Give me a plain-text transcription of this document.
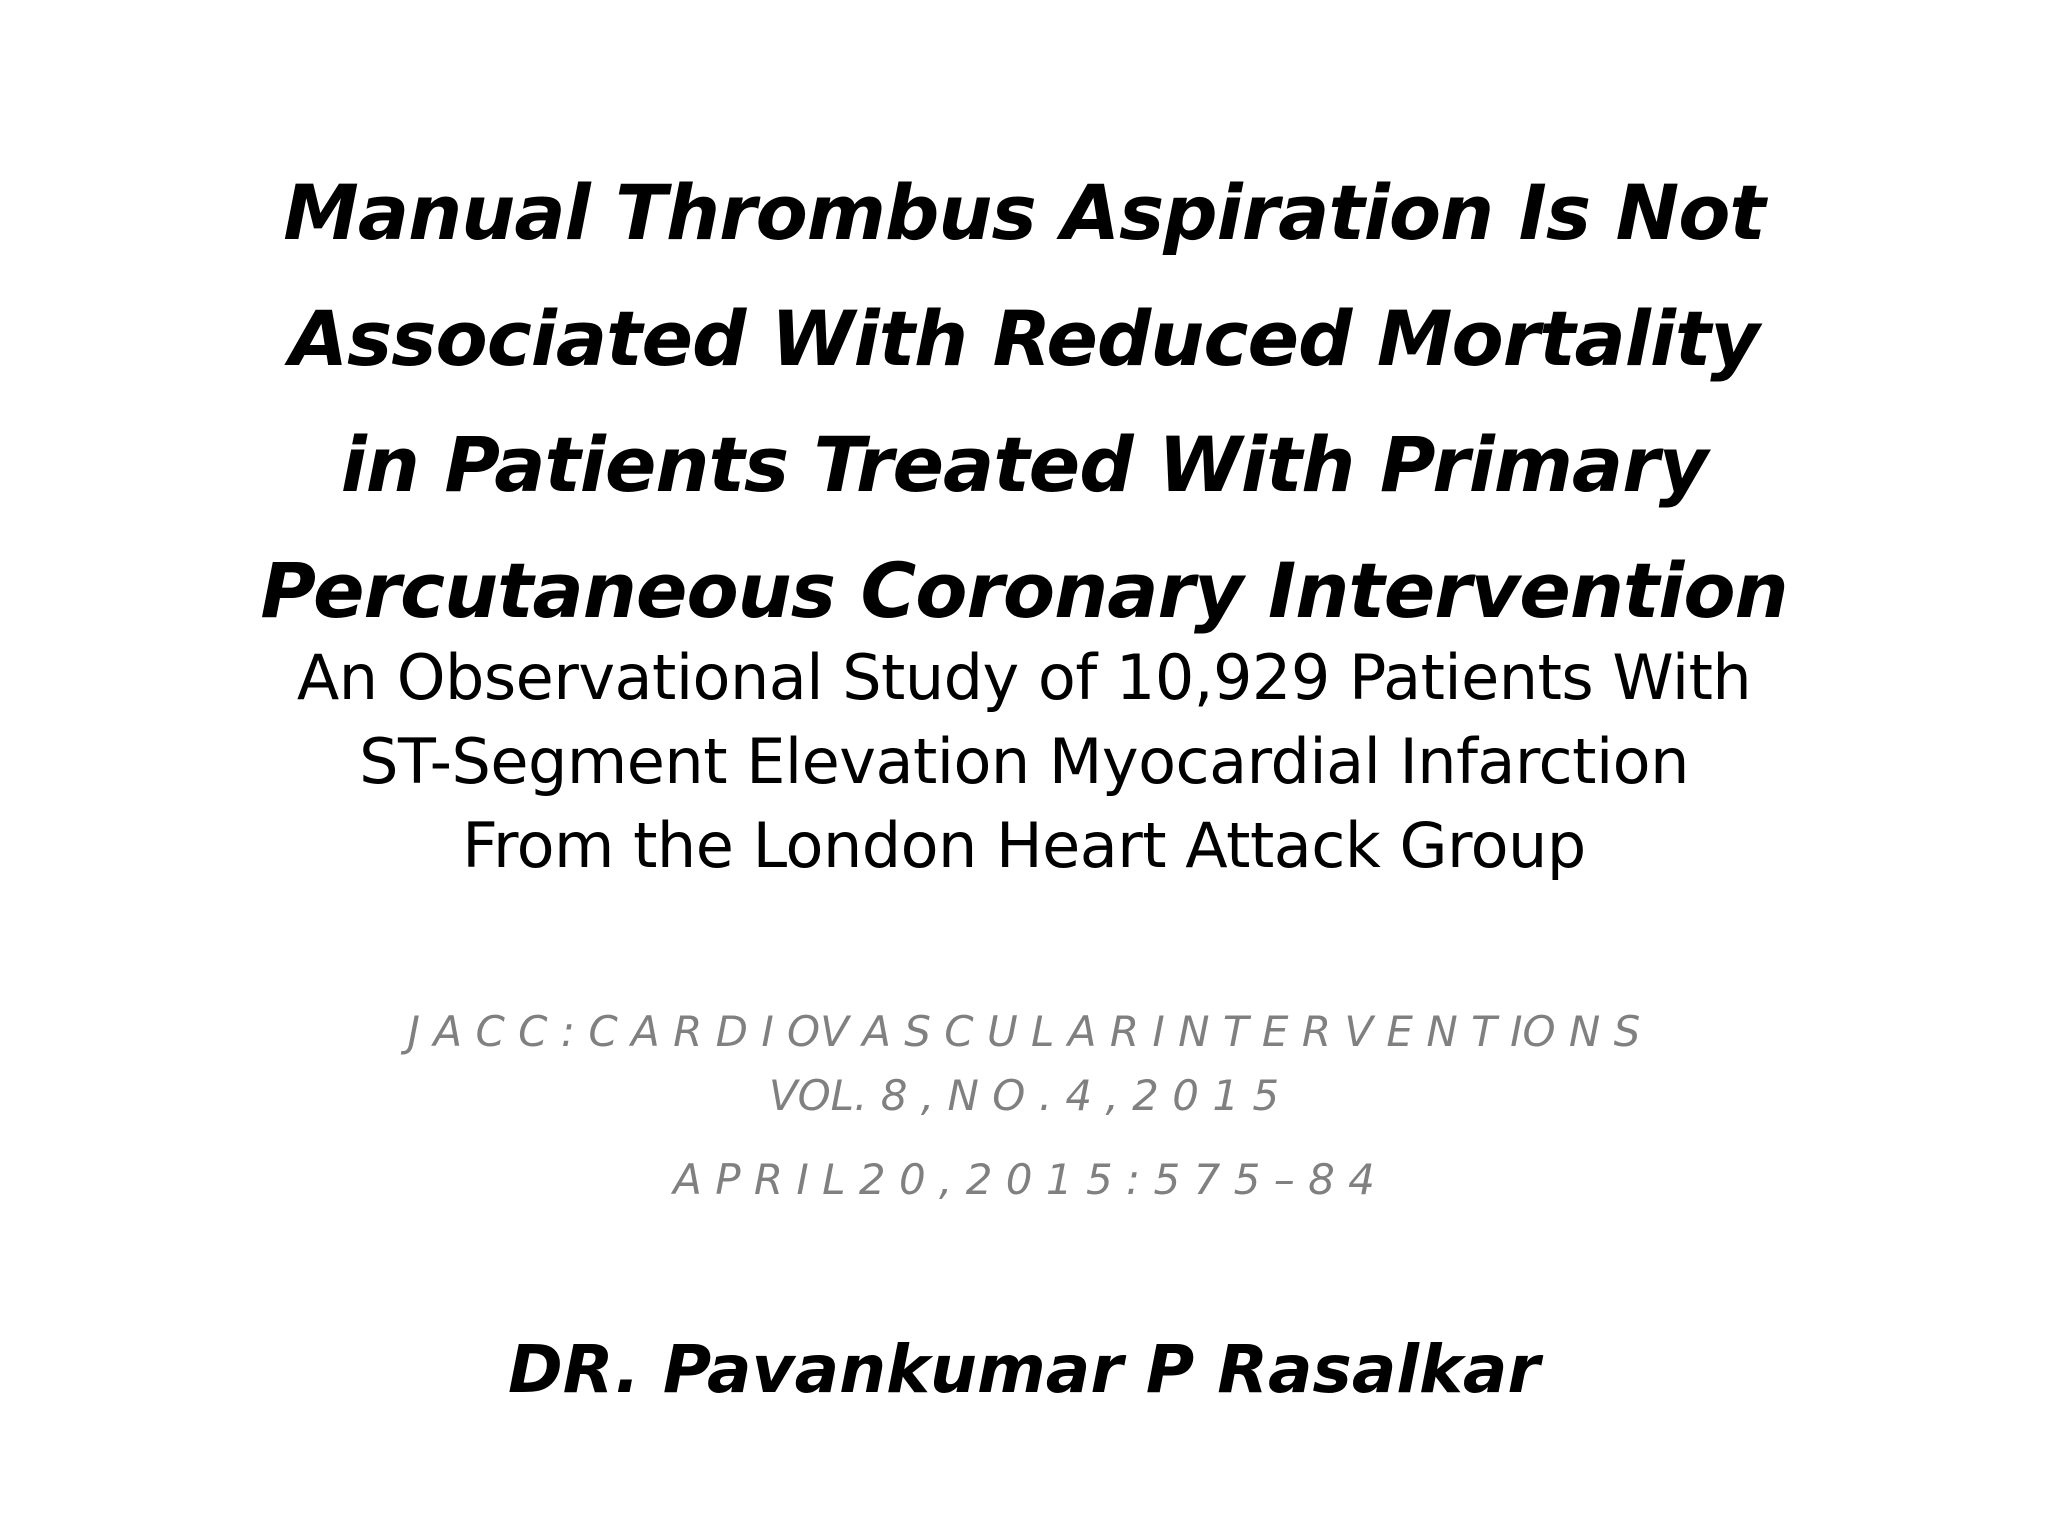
Manual Thrombus Aspiration Is Not
Associated With Reduced Mortality
in Patients Treated With Primary
Percutaneous Coronary Intervention
An Observational Study of 10,929 Patients With
ST-Segment Elevation Myocardial Infarction
From the London Heart Attack Group
J A C C : C A R D I OV A S C U L A R I N T E R V E N T IO N S
VOL. 8 , N O . 4 , 2 0 1 5
A P R I L 2 0 , 2 0 1 5 : 5 7 5 – 8 4
DR. Pavankumar P Rasalkar
